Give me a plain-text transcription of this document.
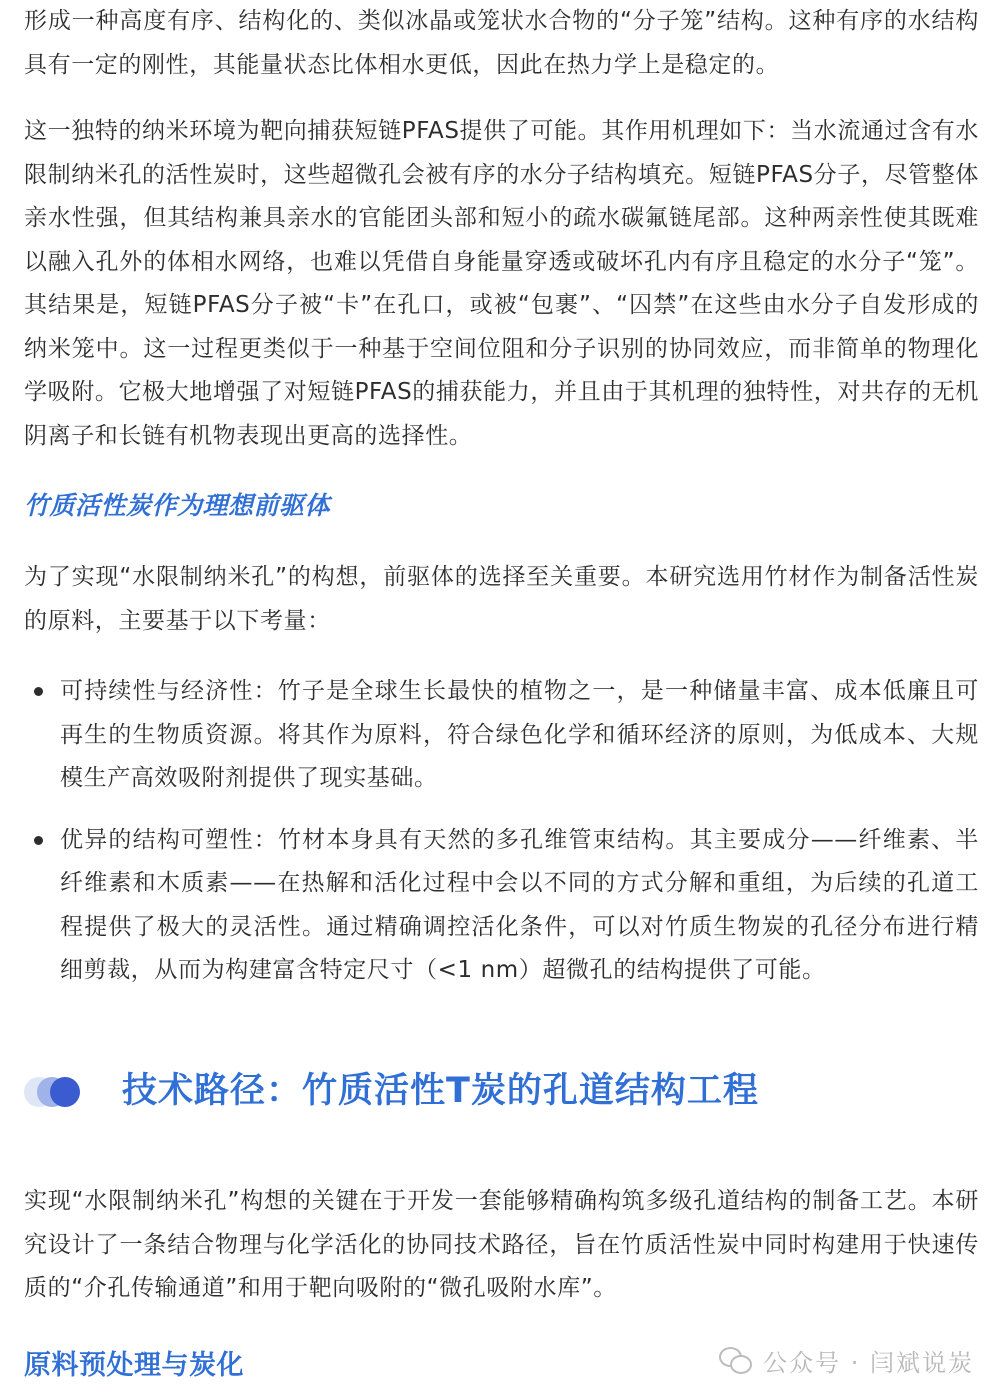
形成一种高度有序、结构化的、类似冰晶或笼状水合物的“分子笼”结构。这种有序的水结构具有一定的刚性，其能量状态比体相水更低，因此在热力学上是稳定的。

这一独特的纳米环境为靶向捕获短链PFAS提供了可能。其作用机理如下：当水流通过含有水限制纳米孔的活性炭时，这些超微孔会被有序的水分子结构填充。短链PFAS分子，尽管整体亲水性强，但其结构兼具亲水的官能团头部和短小的疏水碳氟链尾部。这种两亲性使其既难以融入孔外的体相水网络，也难以凭借自身能量穿透或破坏孔内有序且稳定的水分子“笼”。其结果是，短链PFAS分子被“卡”在孔口，或被“包裹”、“囚禁”在这些由水分子自发形成的纳米笼中。这一过程更类似于一种基于空间位阻和分子识别的协同效应，而非简单的物理化学吸附。它极大地增强了对短链PFAS的捕获能力，并且由于其机理的独特性，对共存的无机阴离子和长链有机物表现出更高的选择性。

竹质活性炭作为理想前驱体

为了实现“水限制纳米孔”的构想，前驱体的选择至关重要。本研究选用竹材作为制备活性炭的原料，主要基于以下考量：

可持续性与经济性：竹子是全球生长最快的植物之一，是一种储量丰富、成本低廉且可再生的生物质资源。将其作为原料，符合绿色化学和循环经济的原则，为低成本、大规模生产高效吸附剂提供了现实基础。
优异的结构可塑性：竹材本身具有天然的多孔维管束结构。其主要成分——纤维素、半纤维素和木质素——在热解和活化过程中会以不同的方式分解和重组，为后续的孔道工程提供了极大的灵活性。通过精确调控活化条件，可以对竹质生物炭的孔径分布进行精细剪裁，从而为构建富含特定尺寸（<1 nm）超微孔的结构提供了可能。
技术路径：竹质活性T炭的孔道结构工程

实现“水限制纳米孔”构想的关键在于开发一套能够精确构筑多级孔道结构的制备工艺。本研究设计了一条结合物理与化学活化的协同技术路径，旨在竹质活性炭中同时构建用于快速传质的“介孔传输通道”和用于靶向吸附的“微孔吸附水库”。

原料预处理与炭化	公众号 · 闫斌说炭
